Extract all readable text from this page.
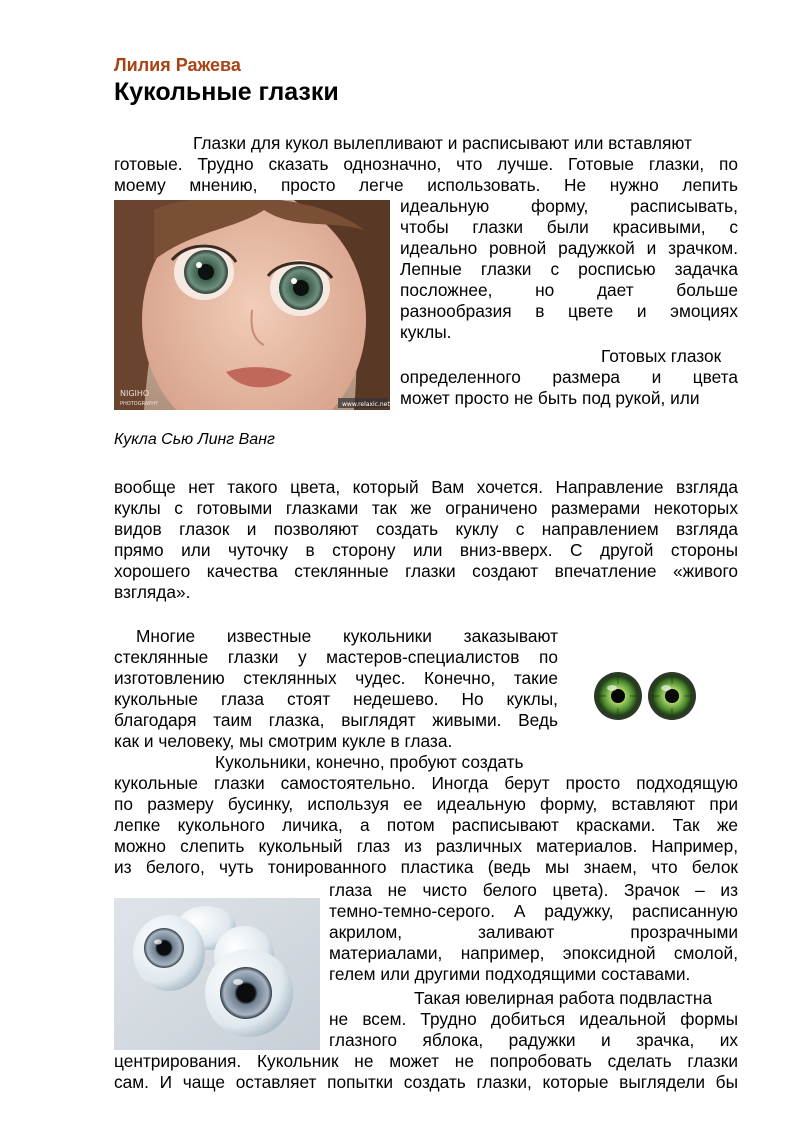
Лилия Ражева
Кукольные глазки
Глазки для кукол вылепливают и расписывают или вставляют
готовые. Трудно сказать однозначно, что лучше. Готовые глазки, по
моему мнению, просто легче использовать. Не нужно лепить
идеальную форму, расписывать,
чтобы глазки были красивыми, с
идеально ровной радужкой и зрачком.
Лепные глазки с росписью задачка
посложнее, но дает больше
разнообразия в цвете и эмоциях
куклы.
Готовых глазок
определенного размера и цвета
может просто не быть под рукой, или
NIGIHO
PHOTOGRAPHY	www.relaxic.net
Кукла Сью Линг Ванг
вообще нет такого цвета, который Вам хочется. Направление взгляда
куклы с готовыми глазками так же ограничено размерами некоторых
видов глазок и позволяют создать куклу с направлением взгляда
прямо или чуточку в сторону или вниз-вверх. С другой стороны
хорошего качества стеклянные глазки создают впечатление «живого
взгляда».
Многие известные кукольники заказывают
стеклянные глазки у мастеров-специалистов по
изготовлению стеклянных чудес. Конечно, такие
кукольные глаза стоят недешево. Но куклы,
благодаря таим глазка, выглядят живыми. Ведь
как и человеку, мы смотрим кукле в глаза.
Кукольники, конечно, пробуют создать
кукольные глазки самостоятельно. Иногда берут просто подходящую
по размеру бусинку, используя ее идеальную форму, вставляют при
лепке кукольного личика, а потом расписывают красками. Так же
можно слепить кукольный глаз из различных материалов. Например,
из белого, чуть тонированного пластика (ведь мы знаем, что белок
глаза не чисто белого цвета). Зрачок – из
темно-темно-серого. А радужку, расписанную
акрилом, заливают прозрачными
материалами, например, эпоксидной смолой,
гелем или другими подходящими составами.
Такая ювелирная работа подвластна
не всем. Трудно добиться идеальной формы
глазного яблока, радужки и зрачка, их
центрирования. Кукольник не может не попробовать сделать глазки
сам. И чаще оставляет попытки создать глазки, которые выглядели бы
